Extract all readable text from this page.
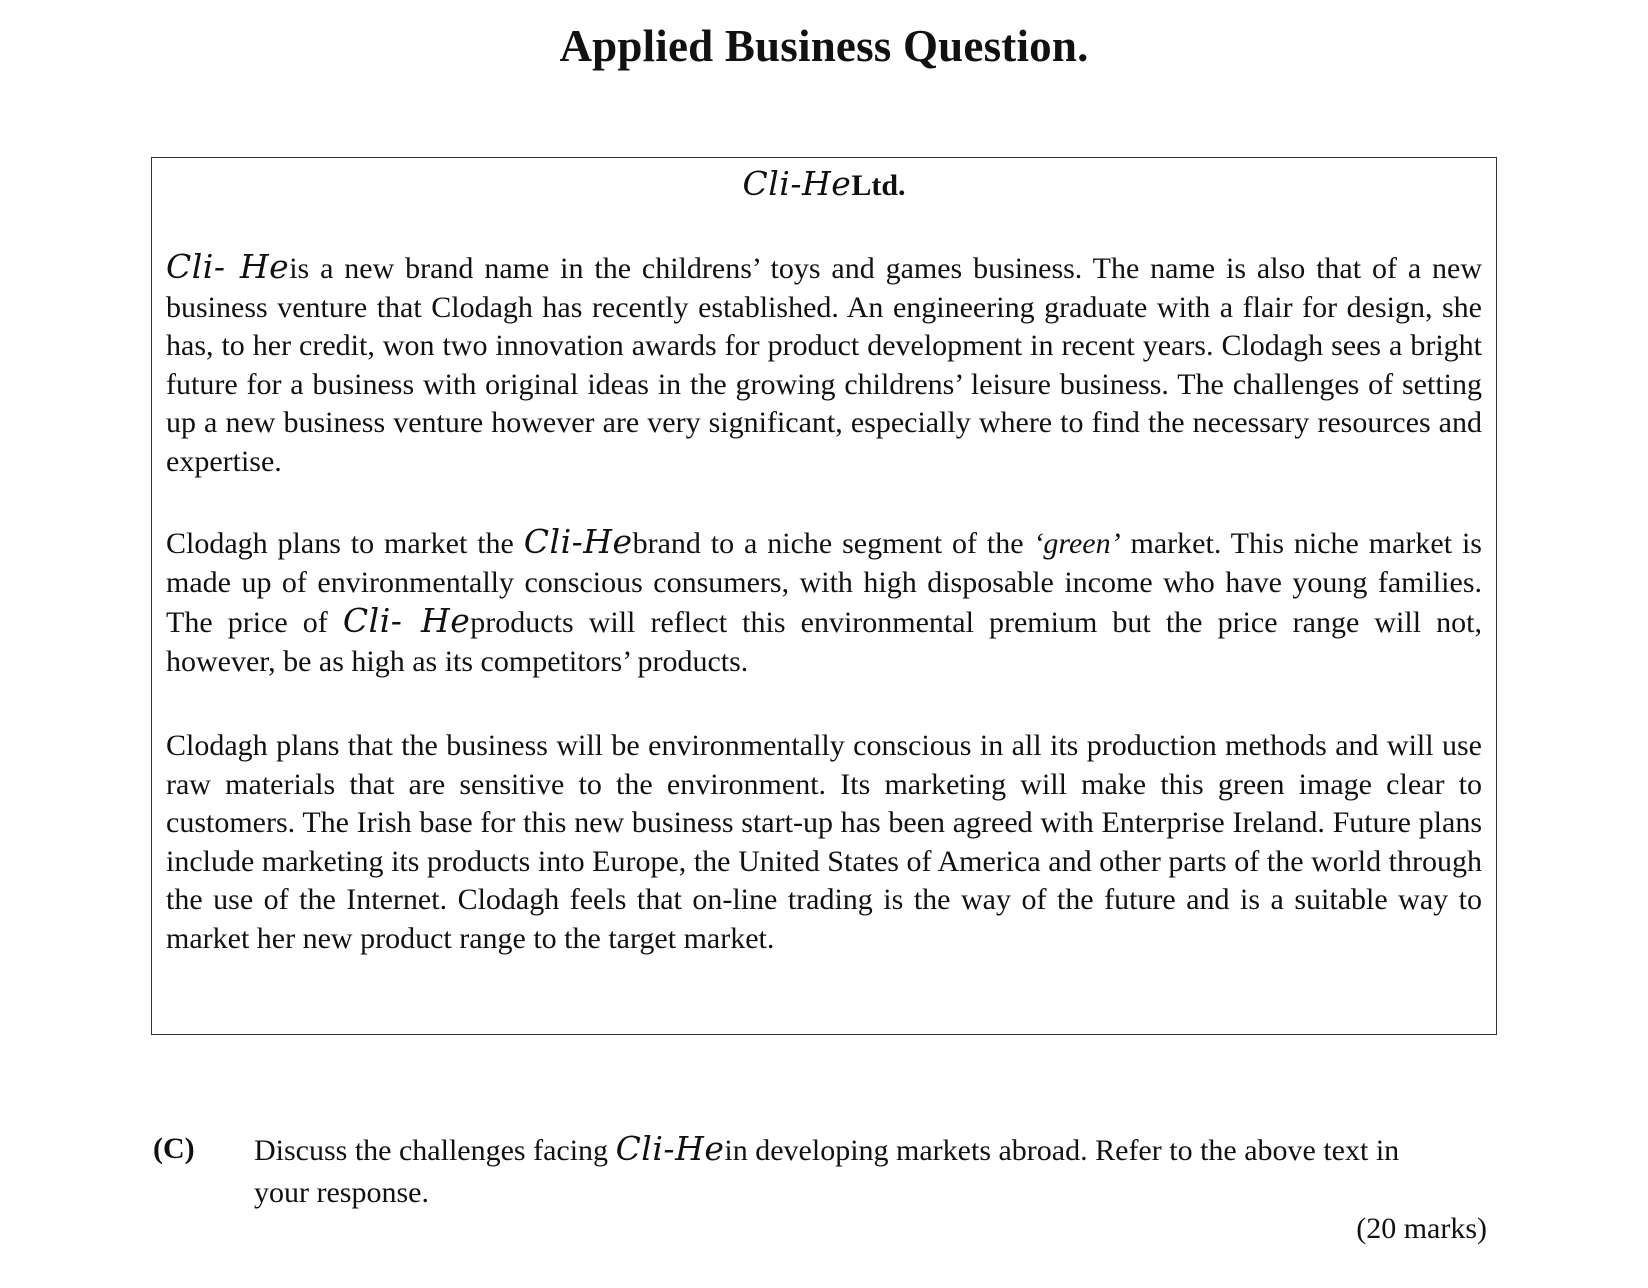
Applied Business Question.
Cli-HeLtd.

Cli- Heis a new brand name in the childrens’ toys and games business. The name is also that of a new business venture that Clodagh has recently established. An engineering graduate with a flair for design, she has, to her credit, won two innovation awards for product development in recent years. Clodagh sees a bright future for a business with original ideas in the growing childrens’ leisure business. The challenges of setting up a new business venture however are very significant, especially where to find the necessary resources and expertise.

Clodagh plans to market the Cli-Hebrand to a niche segment of the ‘green’ market. This niche market is made up of environmentally conscious consumers, with high disposable income who have young families. The price of Cli- Heproducts will reflect this environmental premium but the price range will not, however, be as high as its competitors’ products.

Clodagh plans that the business will be environmentally conscious in all its production methods and will use raw materials that are sensitive to the environment. Its marketing will make this green image clear to customers. The Irish base for this new business start-up has been agreed with Enterprise Ireland. Future plans include marketing its products into Europe, the United States of America and other parts of the world through the use of the Internet. Clodagh feels that on-line trading is the way of the future and is a suitable way to market her new product range to the target market.

(C) Discuss the challenges facing Cli-Hein developing markets abroad. Refer to the above text in your response.
(20 marks)
